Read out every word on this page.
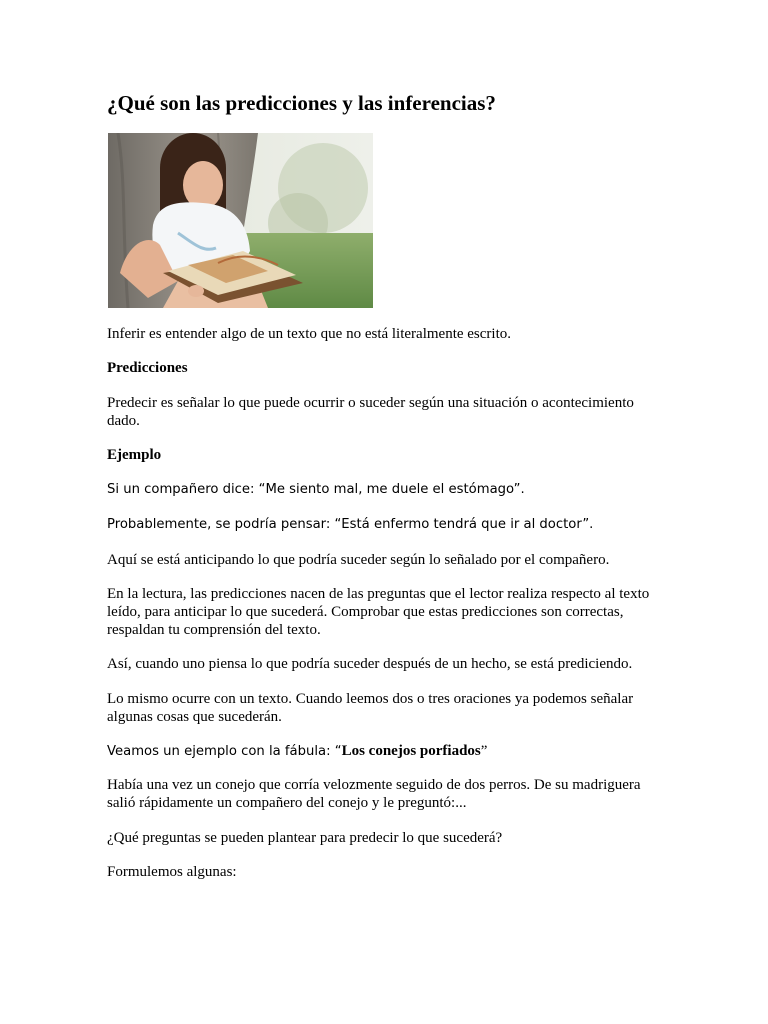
¿Qué son las predicciones y las inferencias?

Inferir es entender algo de un texto que no está literalmente escrito.

Predicciones

Predecir es señalar lo que puede ocurrir o suceder según una situación o acontecimiento dado.

Ejemplo

Si un compañero dice: “Me siento mal, me duele el estómago”.

Probablemente, se podría pensar: “Está enfermo tendrá que ir al doctor”.

Aquí se está anticipando lo que podría suceder según lo señalado por el compañero.

En la lectura, las predicciones nacen de las preguntas que el lector realiza respecto al texto leído, para anticipar lo que sucederá. Comprobar que estas predicciones son correctas, respaldan tu comprensión del texto.

Así, cuando uno piensa lo que podría suceder después de un hecho, se está prediciendo.

Lo mismo ocurre con un texto. Cuando leemos dos o tres oraciones ya podemos señalar algunas cosas que sucederán.

Veamos un ejemplo con la fábula: “Los conejos porfiados”

Había una vez un conejo que corría velozmente seguido de dos perros. De su madriguera salió rápidamente un compañero del conejo y le preguntó:...

¿Qué preguntas se pueden plantear para predecir lo que sucederá?

Formulemos algunas:
